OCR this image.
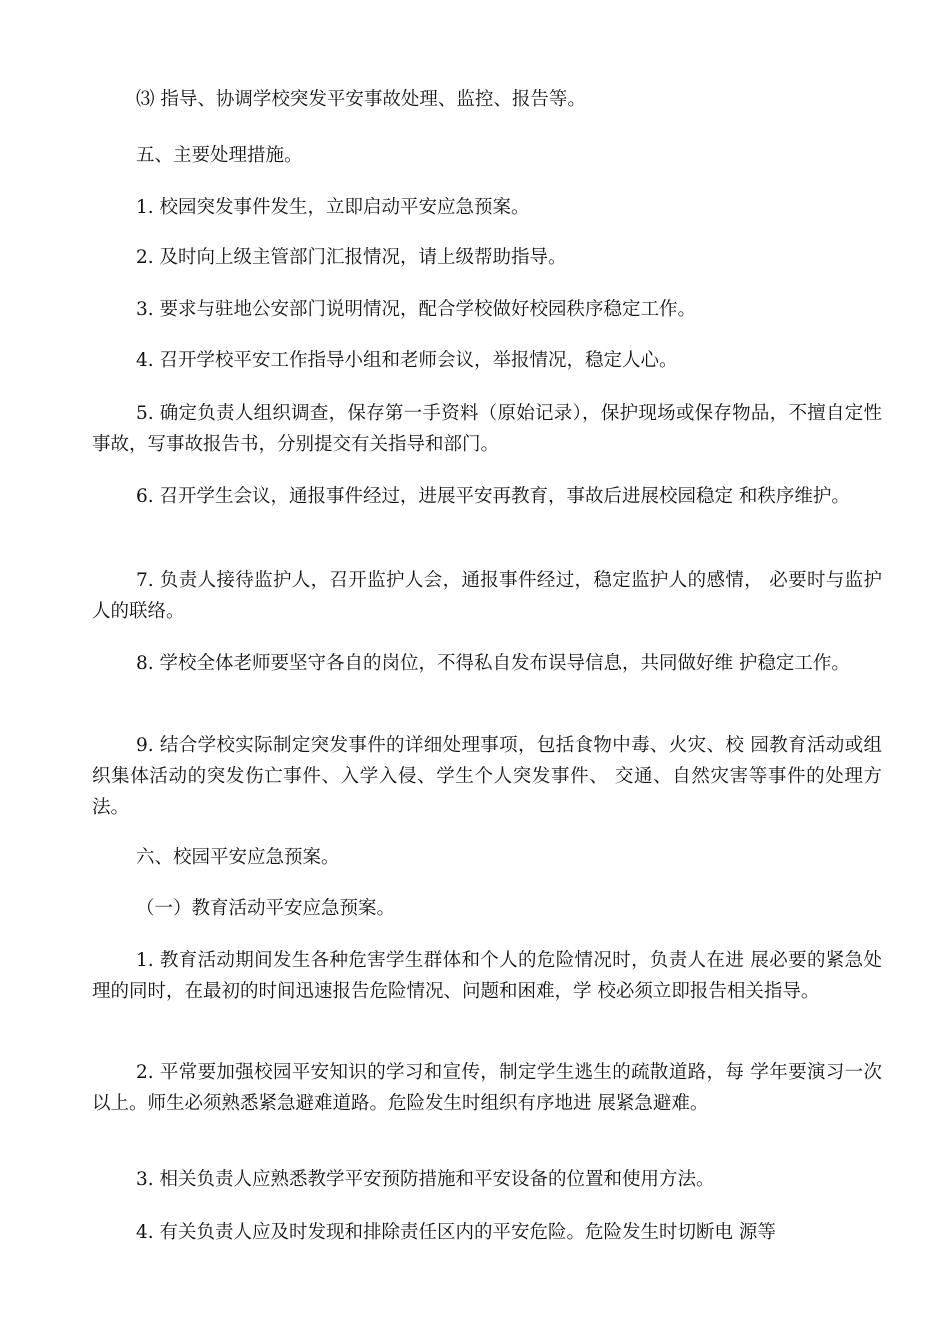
⑶ 指导、协调学校突发平安事故处理、监控、报告等。

五、主要处理措施。

1. 校园突发事件发生，立即启动平安应急预案。

2. 及时向上级主管部门汇报情况，请上级帮助指导。

3. 要求与驻地公安部门说明情况，配合学校做好校园秩序稳定工作。

4. 召开学校平安工作指导小组和老师会议，举报情况，稳定人心。

5. 确定负责人组织调查，保存第一手资料（原始记录），保护现场或保存物品，不擅自定性事故，写事故报告书，分别提交有关指导和部门。

6. 召开学生会议，通报事件经过，进展平安再教育，事故后进展校园稳定 和秩序维护。

7. 负责人接待监护人，召开监护人会，通报事件经过，稳定监护人的感情， 必要时与监护人的联络。

8. 学校全体老师要坚守各自的岗位，不得私自发布误导信息，共同做好维 护稳定工作。

9. 结合学校实际制定突发事件的详细处理事项，包括食物中毒、火灾、校 园教育活动或组织集体活动的突发伤亡事件、入学入侵、学生个人突发事件、 交通、自然灾害等事件的处理方法。

六、校园平安应急预案。

（一）教育活动平安应急预案。

1. 教育活动期间发生各种危害学生群体和个人的危险情况时，负责人在进 展必要的紧急处理的同时，在最初的时间迅速报告危险情况、问题和困难，学 校必须立即报告相关指导。

2. 平常要加强校园平安知识的学习和宣传，制定学生逃生的疏散道路，每 学年要演习一次以上。师生必须熟悉紧急避难道路。危险发生时组织有序地进 展紧急避难。

3. 相关负责人应熟悉教学平安预防措施和平安设备的位置和使用方法。

4. 有关负责人应及时发现和排除责任区内的平安危险。危险发生时切断电 源等
